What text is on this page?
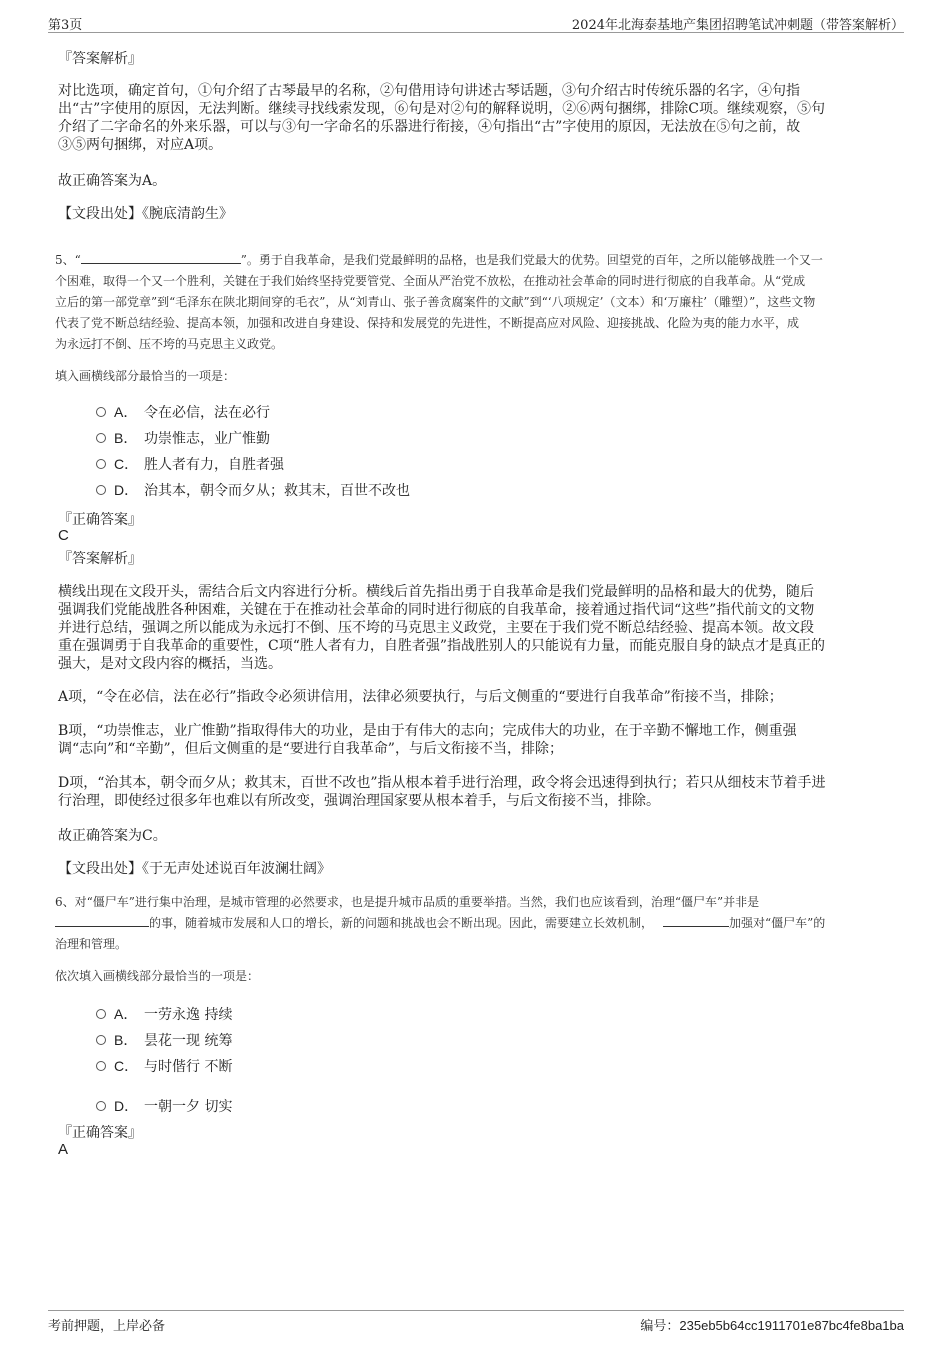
第3页	2024年北海泰基地产集团招聘笔试冲刺题（带答案解析）
『答案解析』
对比选项，确定首句，①句介绍了古琴最早的名称，②句借用诗句讲述古琴话题，③句介绍古时传统乐器的名字，④句指
出“古”字使用的原因，无法判断。继续寻找线索发现，⑥句是对②句的解释说明，②⑥两句捆绑，排除C项。继续观察，⑤句
介绍了二字命名的外来乐器，可以与③句一字命名的乐器进行衔接，④句指出“古”字使用的原因，无法放在⑤句之前，故
③⑤两句捆绑，对应A项。
故正确答案为A。
【文段出处】《腕底清韵生》
5、“	”。勇于自我革命，是我们党最鲜明的品格，也是我们党最大的优势。回望党的百年，之所以能够战胜一个又一
个困难，取得一个又一个胜利，关键在于我们始终坚持党要管党、全面从严治党不放松，在推动社会革命的同时进行彻底的自我革命。从“党成
立后的第一部党章”到“毛泽东在陕北期间穿的毛衣”，从“刘青山、张子善贪腐案件的文献”到“‘八项规定’（文本）和‘万廉柱’（雕塑）”，这些文物
代表了党不断总结经验、提高本领，加强和改进自身建设、保持和发展党的先进性，不断提高应对风险、迎接挑战、化险为夷的能力水平，成
为永远打不倒、压不垮的马克思主义政党。
填入画横线部分最恰当的一项是：
A． 令在必信，法在必行
B． 功崇惟志，业广惟勤
C． 胜人者有力，自胜者强
D． 治其本，朝令而夕从；救其末，百世不改也
『正确答案』
C
『答案解析』
横线出现在文段开头，需结合后文内容进行分析。横线后首先指出勇于自我革命是我们党最鲜明的品格和最大的优势，随后
强调我们党能战胜各种困难，关键在于在推动社会革命的同时进行彻底的自我革命，接着通过指代词“这些”指代前文的文物
并进行总结，强调之所以能成为永远打不倒、压不垮的马克思主义政党，主要在于我们党不断总结经验、提高本领。故文段
重在强调勇于自我革命的重要性，C项“胜人者有力，自胜者强”指战胜别人的只能说有力量，而能克服自身的缺点才是真正的
强大，是对文段内容的概括，当选。
A项，“令在必信，法在必行”指政令必须讲信用，法律必须要执行，与后文侧重的“要进行自我革命”衔接不当，排除；
B项，“功崇惟志，业广惟勤”指取得伟大的功业，是由于有伟大的志向；完成伟大的功业，在于辛勤不懈地工作，侧重强
调“志向”和“辛勤”，但后文侧重的是“要进行自我革命”，与后文衔接不当，排除；
D项，“治其本，朝令而夕从；救其末，百世不改也”指从根本着手进行治理，政令将会迅速得到执行；若只从细枝末节着手进
行治理，即使经过很多年也难以有所改变，强调治理国家要从根本着手，与后文衔接不当，排除。
故正确答案为C。
【文段出处】《于无声处述说百年波澜壮阔》
6、对“僵尸车”进行集中治理，是城市管理的必然要求，也是提升城市品质的重要举措。当然，我们也应该看到，治理“僵尸车”并非是
的事，随着城市发展和人口的增长，新的问题和挑战也会不断出现。因此，需要建立长效机制，	加强对“僵尸车”的
治理和管理。
依次填入画横线部分最恰当的一项是：
A． 一劳永逸 持续
B． 昙花一现 统筹
C． 与时偕行 不断
D． 一朝一夕 切实
『正确答案』
A
考前押题，上岸必备	编号：235eb5b64cc1911701e87bc4fe8ba1ba
